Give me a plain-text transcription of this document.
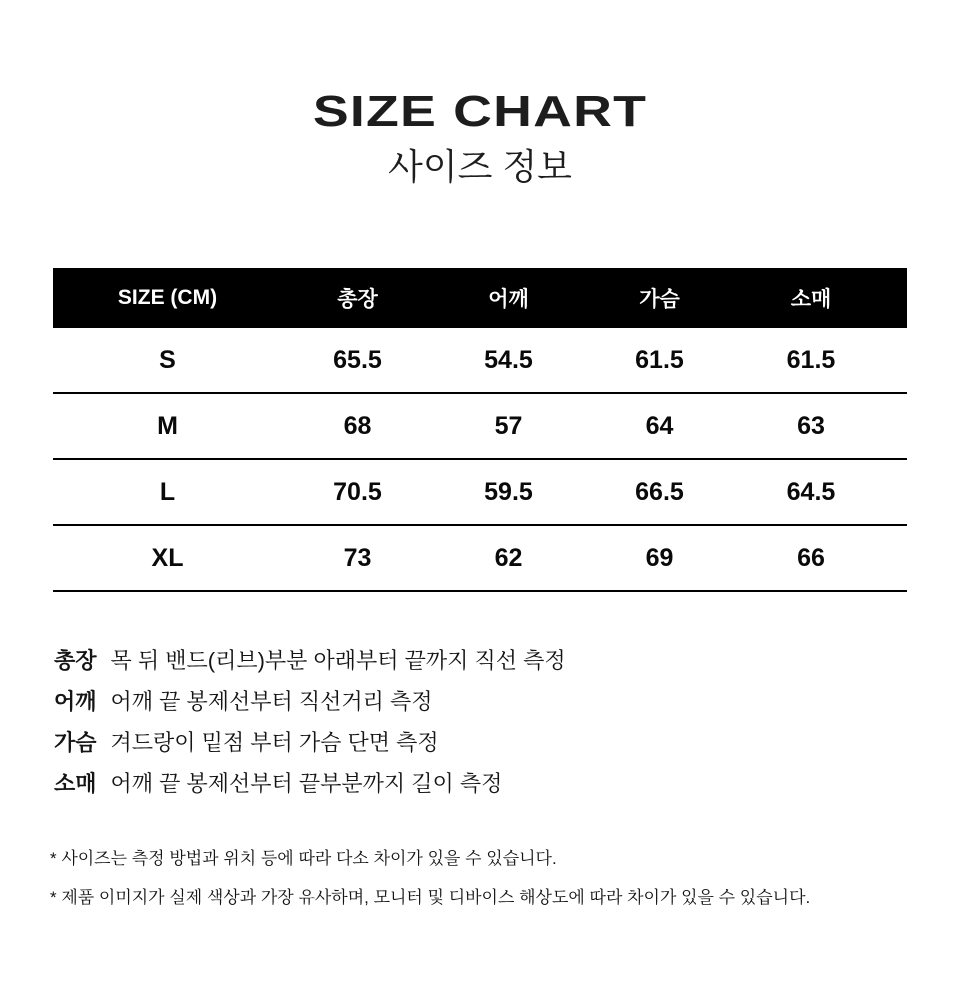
SIZE CHART
사이즈 정보
SIZE (CM)	총장	어깨	가슴	소매
S	65.5	54.5	61.5	61.5
M	68	57	64	63
L	70.5	59.5	66.5	64.5
XL	73	62	69	66
총장 목 뒤 밴드(리브)부분 아래부터 끝까지 직선 측정
어깨 어깨 끝 봉제선부터 직선거리 측정
가슴 겨드랑이 밑점 부터 가슴 단면 측정
소매 어깨 끝 봉제선부터 끝부분까지 길이 측정

* 사이즈는 측정 방법과 위치 등에 따라 다소 차이가 있을 수 있습니다.

* 제품 이미지가 실제 색상과 가장 유사하며, 모니터 및 디바이스 해상도에 따라 차이가 있을 수 있습니다.
